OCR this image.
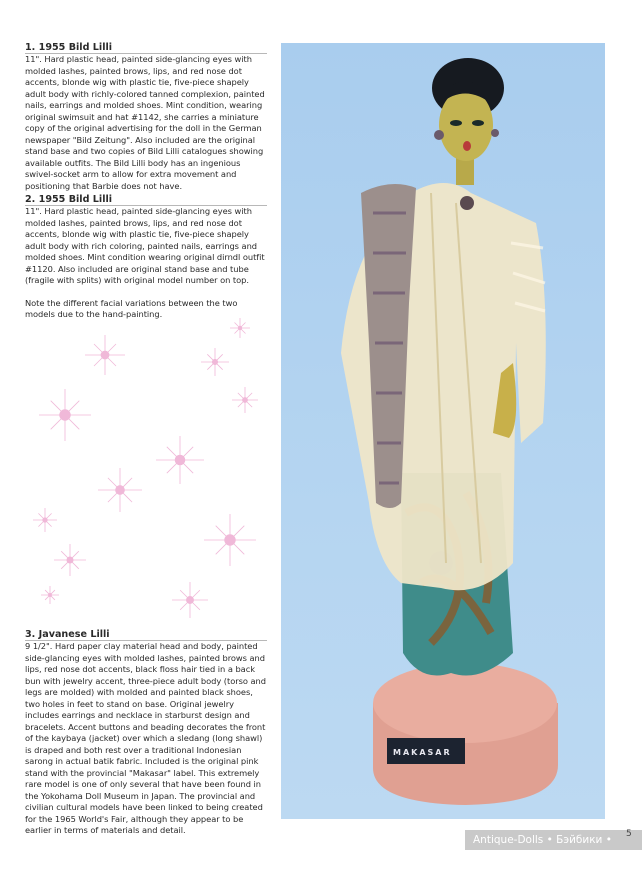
1. 1955 Bild Lilli

11". Hard plastic head, painted side-glancing eyes with molded lashes, painted brows, lips, and red nose dot accents, blonde wig with plastic tie, five-piece shapely adult body with richly-colored tanned complexion, painted nails, earrings and molded shoes. Mint condition, wearing original swimsuit and hat #1142, she carries a miniature copy of the original advertising for the doll in the German newspaper "Bild Zeitung". Also included are the original stand base and two copies of Bild Lilli catalogues showing available outfits. The Bild Lilli body has an ingenious swivel-socket arm to allow for extra movement and positioning that Barbie does not have.

2. 1955 Bild Lilli

11". Hard plastic head, painted side-glancing eyes with molded lashes, painted brows, lips, and red nose dot accents, blonde wig with plastic tie, five-piece shapely adult body with rich coloring, painted nails, earrings and molded shoes. Mint condition wearing original dirndl outfit #1120. Also included are original stand base and tube (fragile with splits) with original model number on top.

Note the different facial variations between the two models due to the hand-painting.

3. Javanese Lilli

9 1/2". Hard paper clay material head and body, painted side-glancing eyes with molded lashes, painted brows and lips, red nose dot accents, black floss hair tied in a back bun with jewelry accent, three-piece adult body (torso and legs are molded) with molded and painted black shoes, two holes in feet to stand on base. Original jewelry includes earrings and necklace in starburst design and bracelets. Accent buttons and beading decorates the front of the kaybaya (jacket) over which a sledang (long shawl) is draped and both rest over a traditional Indonesian sarong in actual batik fabric. Included is the original pink stand with the provincial "Makasar" label. This extremely rare model is one of only several that have been found in the Yokohama Doll Museum in Japan. The provincial and civilian cultural models have been linked to being created for the 1965 World's Fair, although they appear to be earlier in terms of materials and detail.

MAKASAR
Antique-Dolls • Бэйбики • babiki.ru
5
